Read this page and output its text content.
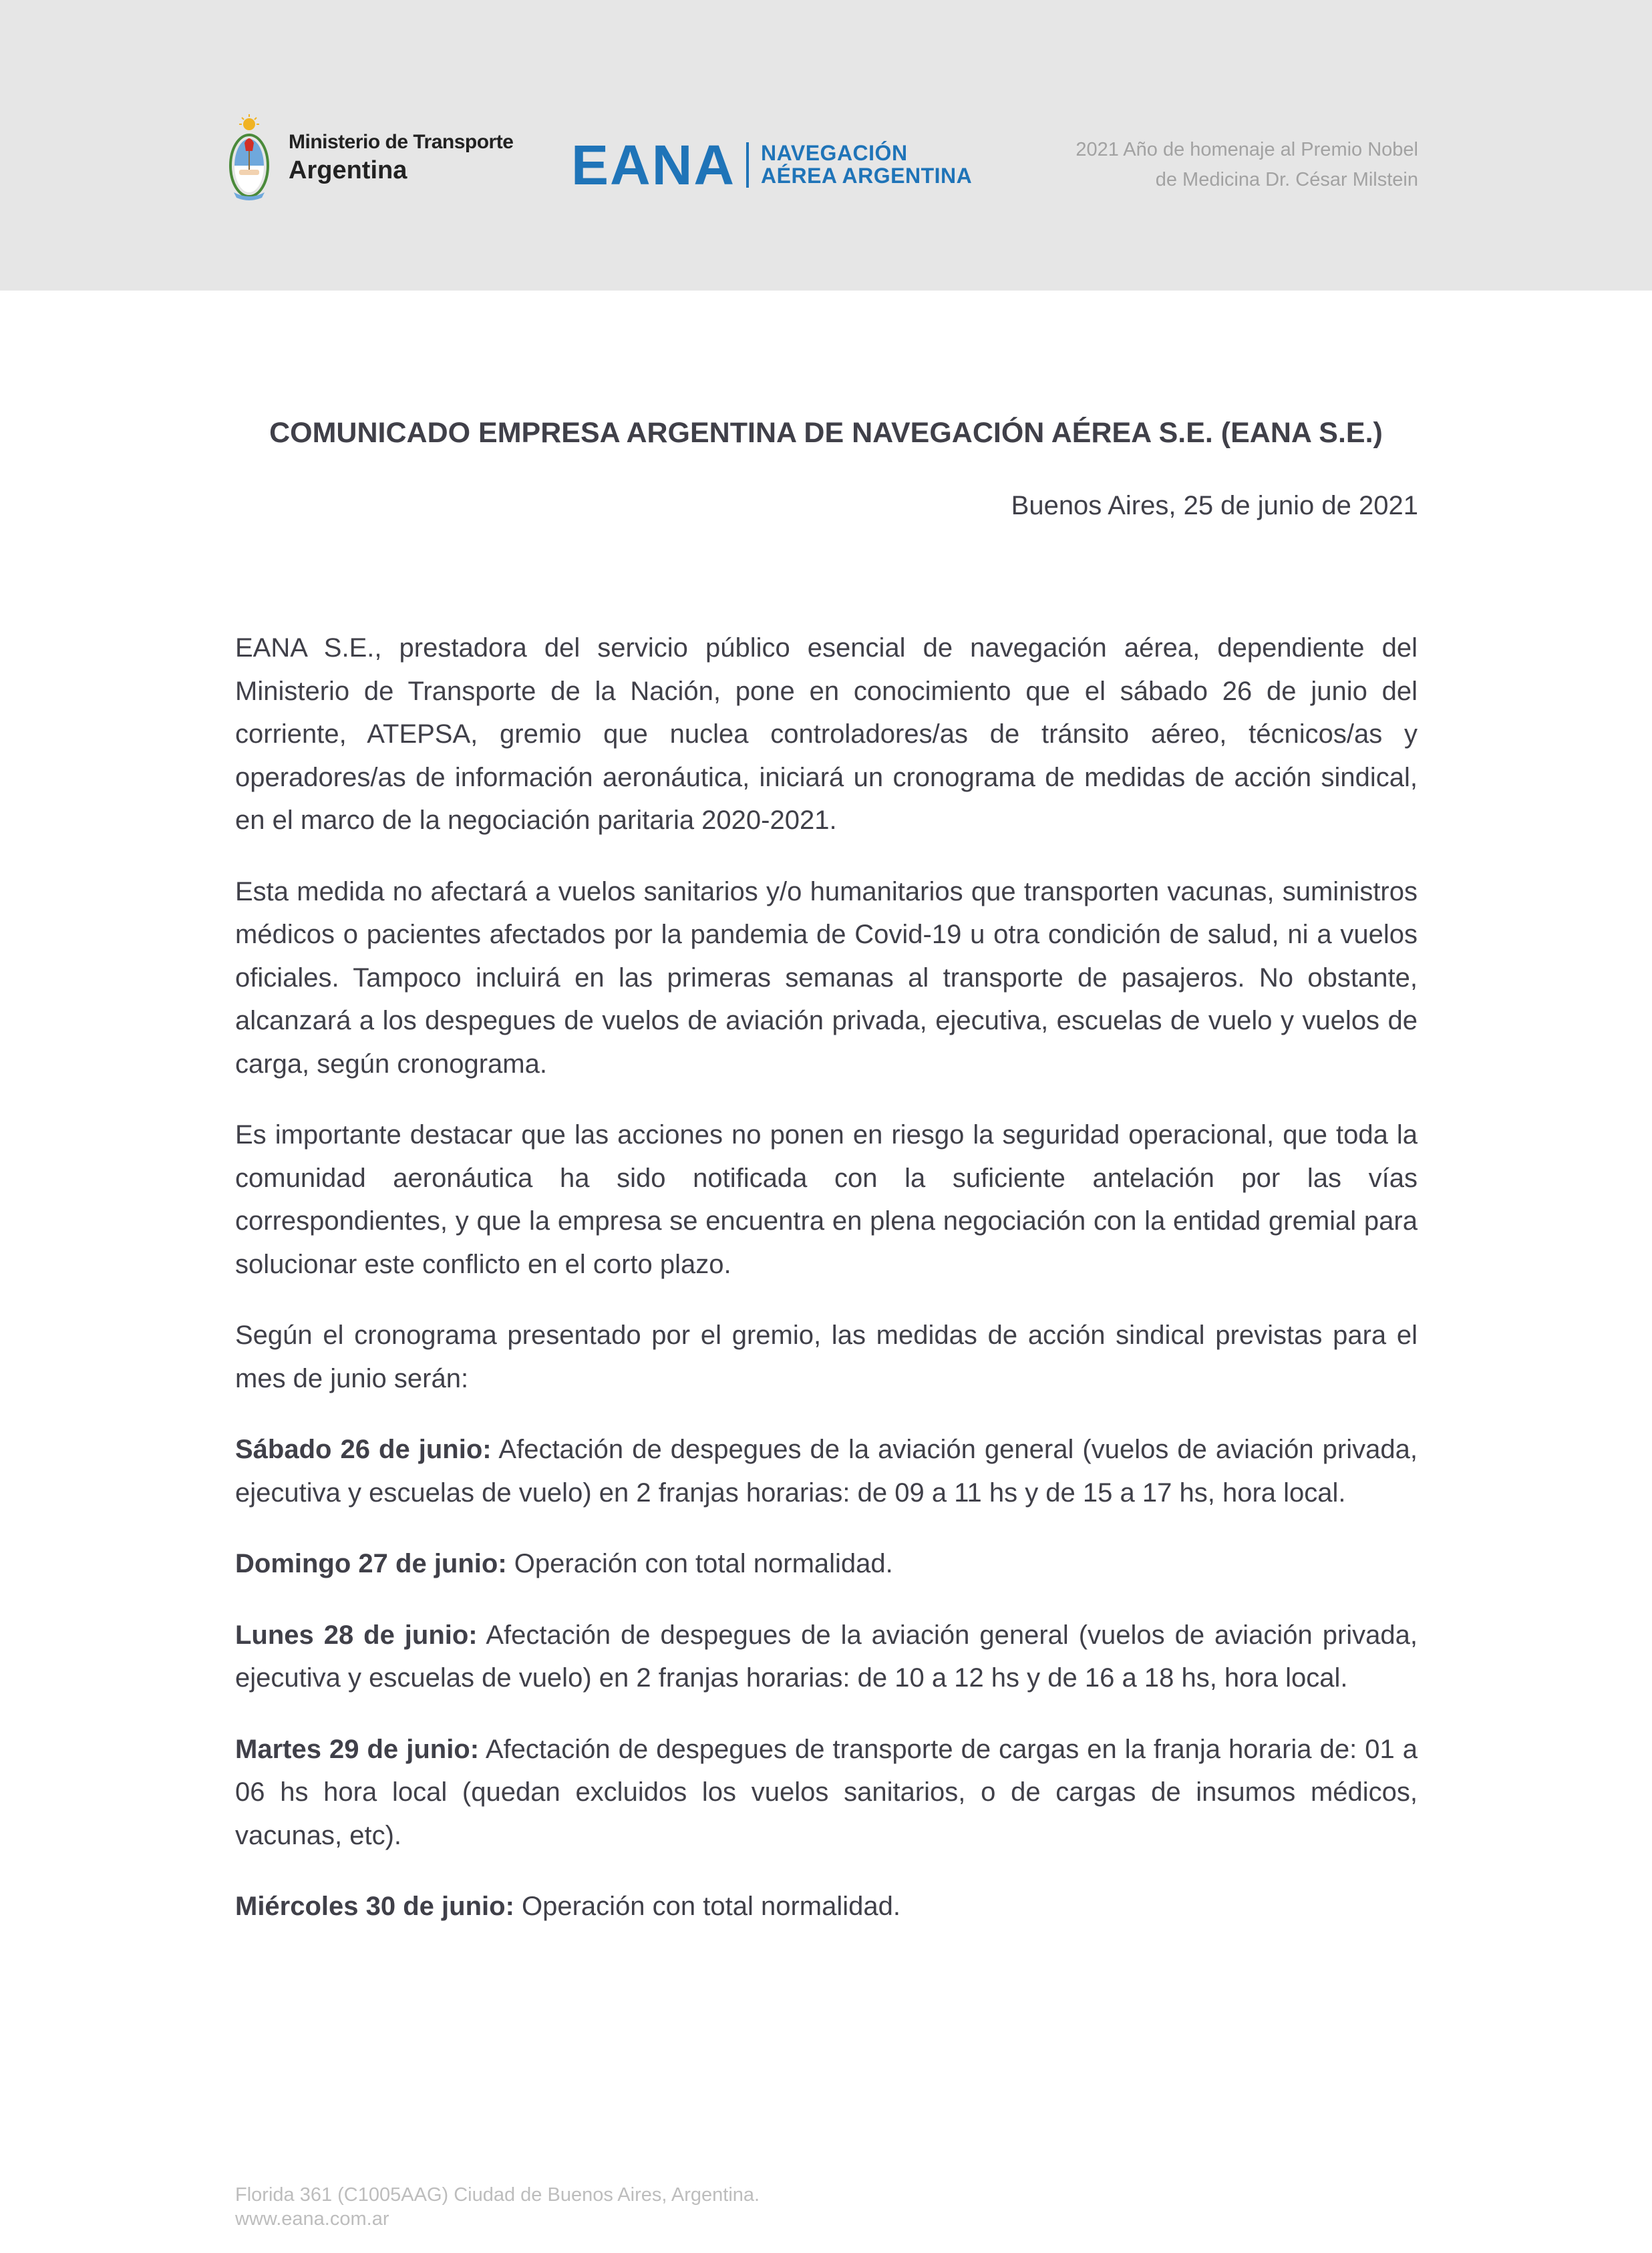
Ministerio de Transporte
Argentina	EANA NAVEGACIÓN
AÉREA ARGENTINA
2021 Año de homenaje al Premio Nobel
de Medicina Dr. César Milstein
COMUNICADO EMPRESA ARGENTINA DE NAVEGACIÓN AÉREA S.E. (EANA S.E.)
Buenos Aires, 25 de junio de 2021

EANA S.E., prestadora del servicio público esencial de navegación aérea, dependiente del Ministerio de Transporte de la Nación, pone en conocimiento que el sábado 26 de junio del corriente, ATEPSA, gremio que nuclea controladores/as de tránsito aéreo, técnicos/as y operadores/as de información aeronáutica, iniciará un cronograma de medidas de acción sindical, en el marco de la negociación paritaria 2020-2021.

Esta medida no afectará a vuelos sanitarios y/o humanitarios que transporten vacunas, suministros médicos o pacientes afectados por la pandemia de Covid-19 u otra condición de salud, ni a vuelos oficiales. Tampoco incluirá en las primeras semanas al transporte de pasajeros. No obstante, alcanzará a los despegues de vuelos de aviación privada, ejecutiva, escuelas de vuelo y vuelos de carga, según cronograma.

Es importante destacar que las acciones no ponen en riesgo la seguridad operacional, que toda la comunidad aeronáutica ha sido notificada con la suficiente antelación por las vías correspondientes, y que la empresa se encuentra en plena negociación con la entidad gremial para solucionar este conflicto en el corto plazo.

Según el cronograma presentado por el gremio, las medidas de acción sindical previstas para el mes de junio serán:

Sábado 26 de junio: Afectación de despegues de la aviación general (vuelos de aviación privada, ejecutiva y escuelas de vuelo) en 2 franjas horarias: de 09 a 11 hs y de 15 a 17 hs, hora local.

Domingo 27 de junio: Operación con total normalidad.

Lunes 28 de junio: Afectación de despegues de la aviación general (vuelos de aviación privada, ejecutiva y escuelas de vuelo) en 2 franjas horarias: de 10 a 12 hs y de 16 a 18 hs, hora local.

Martes 29 de junio: Afectación de despegues de transporte de cargas en la franja horaria de: 01 a 06 hs hora local (quedan excluidos los vuelos sanitarios, o de cargas de insumos médicos, vacunas, etc).

Miércoles 30 de junio: Operación con total normalidad.

Florida 361 (C1005AAG) Ciudad de Buenos Aires, Argentina.
www.eana.com.ar
